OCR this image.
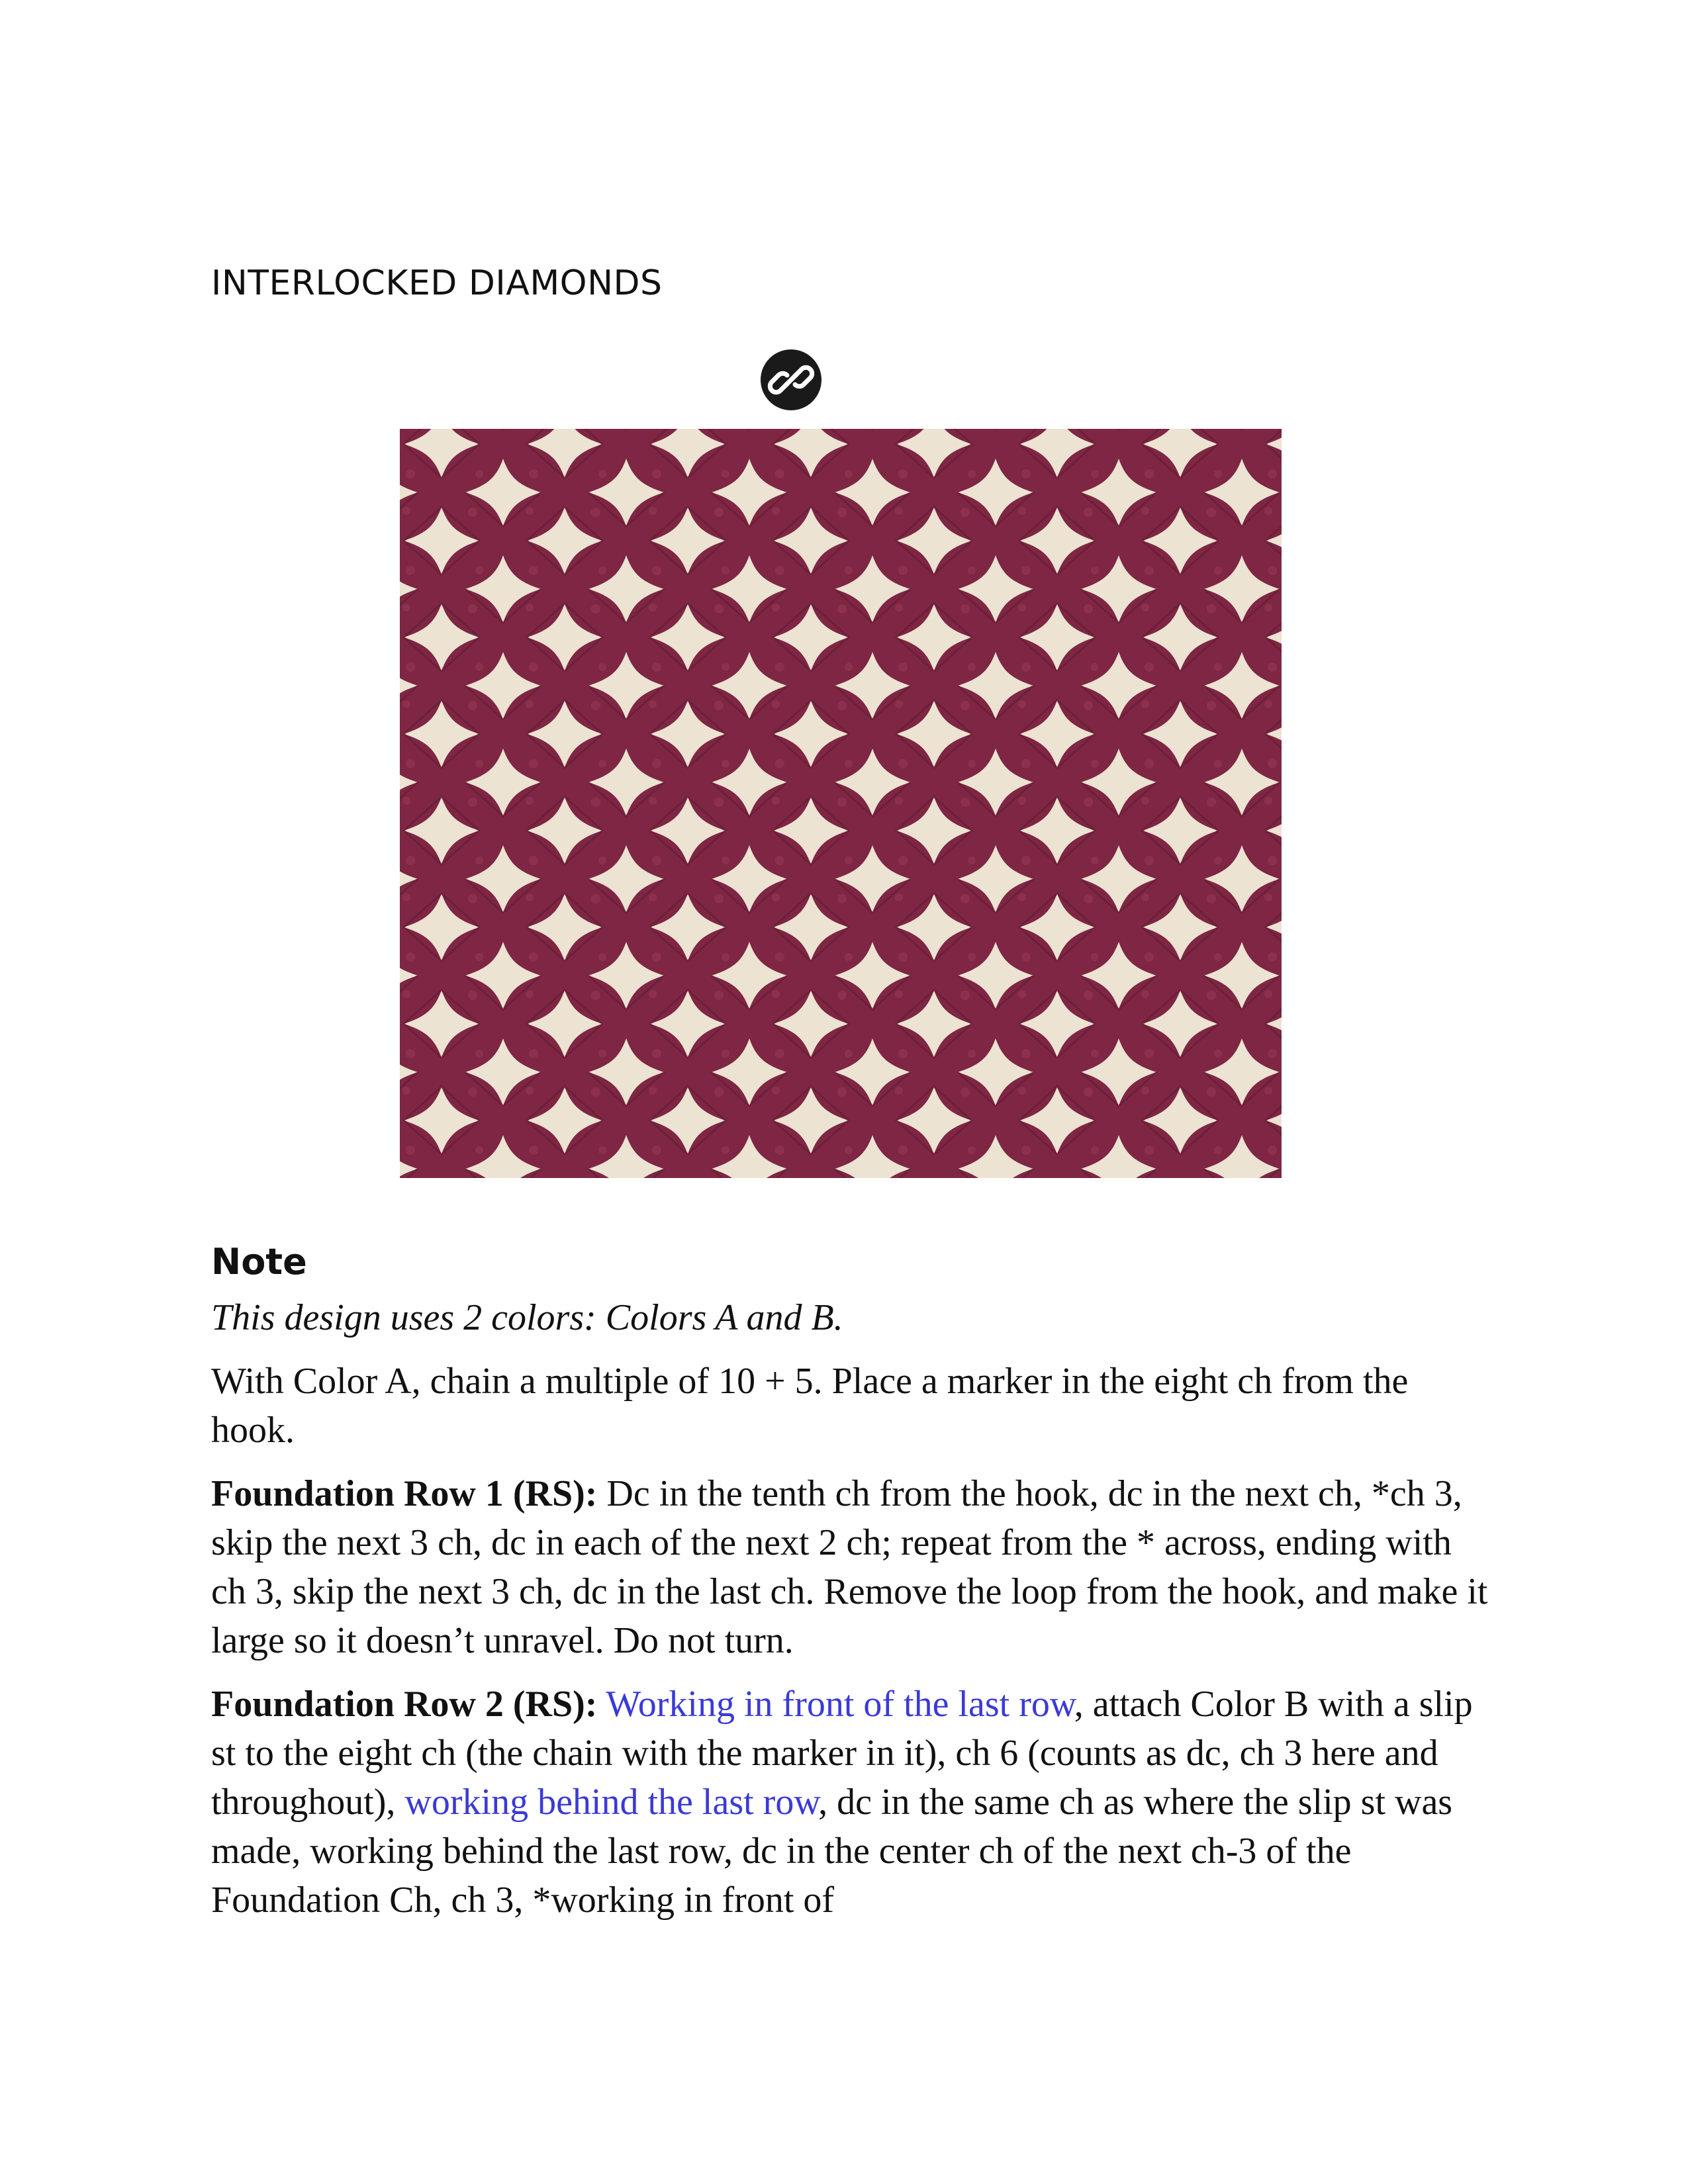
INTERLOCKED DIAMONDS
Note

This design uses 2 colors: Colors A and B.

With Color A, chain a multiple of 10 + 5. Place a marker in the eight ch from the hook.

Foundation Row 1 (RS): Dc in the tenth ch from the hook, dc in the next ch, *ch 3, skip the next 3 ch, dc in each of the next 2 ch; repeat from the * across, ending with ch 3, skip the next 3 ch, dc in the last ch. Remove the loop from the hook, and make it large so it doesn’t unravel. Do not turn.

Foundation Row 2 (RS): Working in front of the last row, attach Color B with a slip st to the eight ch (the chain with the marker in it), ch 6 (counts as dc, ch 3 here and throughout), working behind the last row, dc in the same ch as where the slip st was made, working behind the last row, dc in the center ch of the next ch-3 of the Foundation Ch, ch 3, *working in front of
